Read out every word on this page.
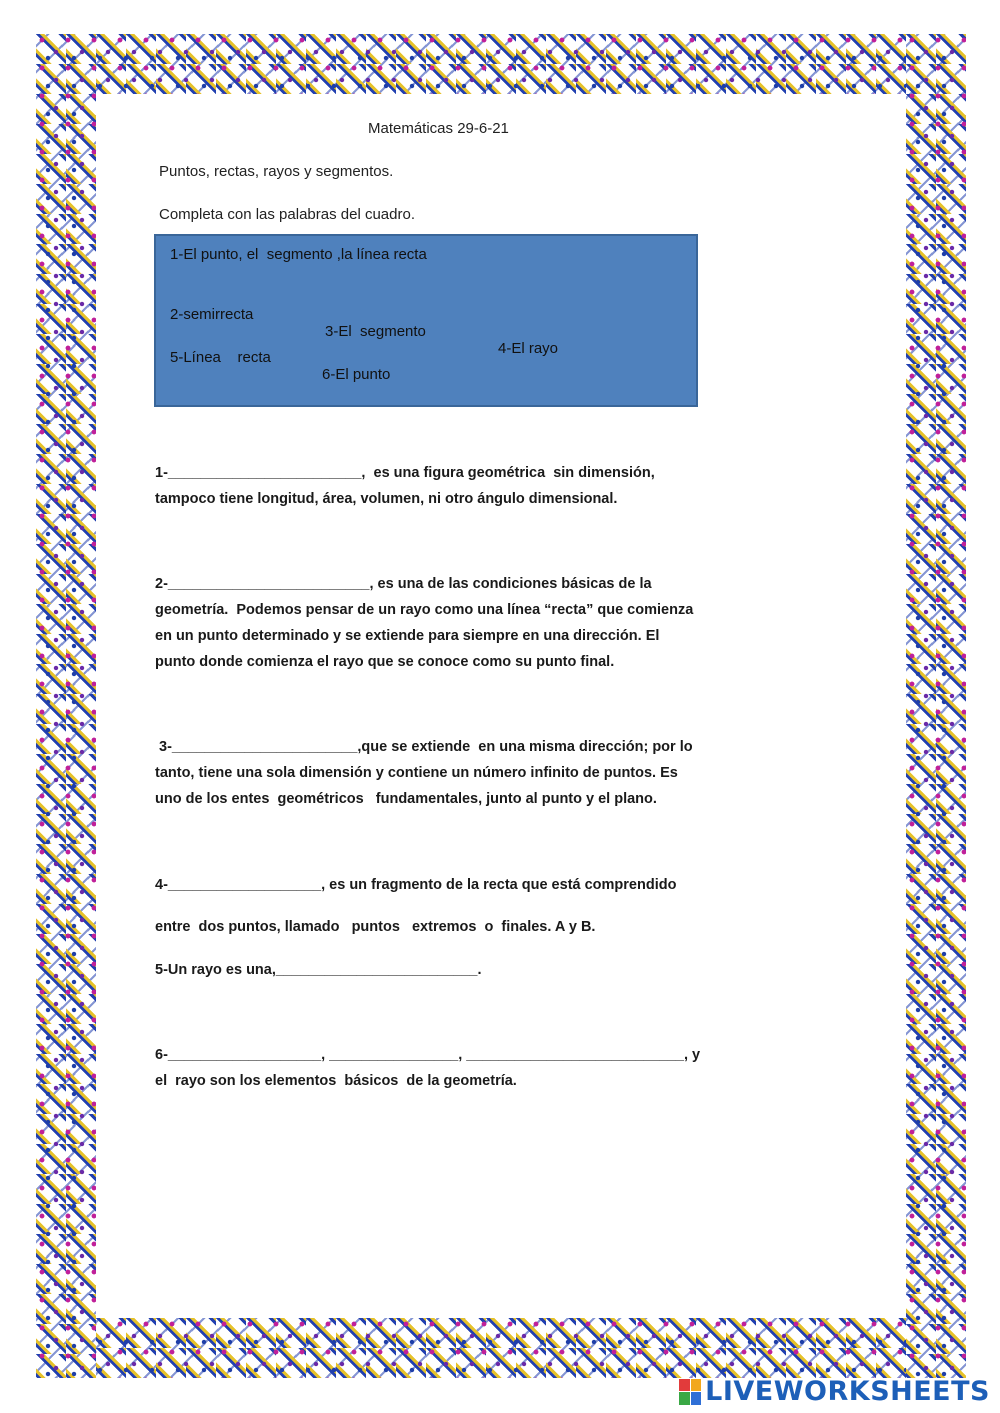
Matemáticas 29-6-21
Puntos, rectas, rayos y segmentos.
Completa con las palabras del cuadro.
1-El punto, el  segmento ,la línea recta

2-semirrecta

3-El  segmento

4-El rayo

5-Línea    recta

6-El punto

1-________________________,  es una figura geométrica  sin dimensión,

tampoco tiene longitud, área, volumen, ni otro ángulo dimensional.

2-_________________________, es una de las condiciones básicas de la

geometría.  Podemos pensar de un rayo como una línea “recta” que comienza

en un punto determinado y se extiende para siempre en una dirección. El

punto donde comienza el rayo que se conoce como su punto final.

3-_______________________,que se extiende  en una misma dirección; por lo

tanto, tiene una sola dimensión y contiene un número infinito de puntos. Es

uno de los entes  geométricos   fundamentales, junto al punto y el plano.

4-___________________, es un fragmento de la recta que está comprendido

entre  dos puntos, llamado   puntos   extremos  o  finales. A y B.

5-Un rayo es una,_________________________.

6-___________________, ________________, ___________________________, y

el  rayo son los elementos  básicos  de la geometría.

LIVEWORKSHEETS
